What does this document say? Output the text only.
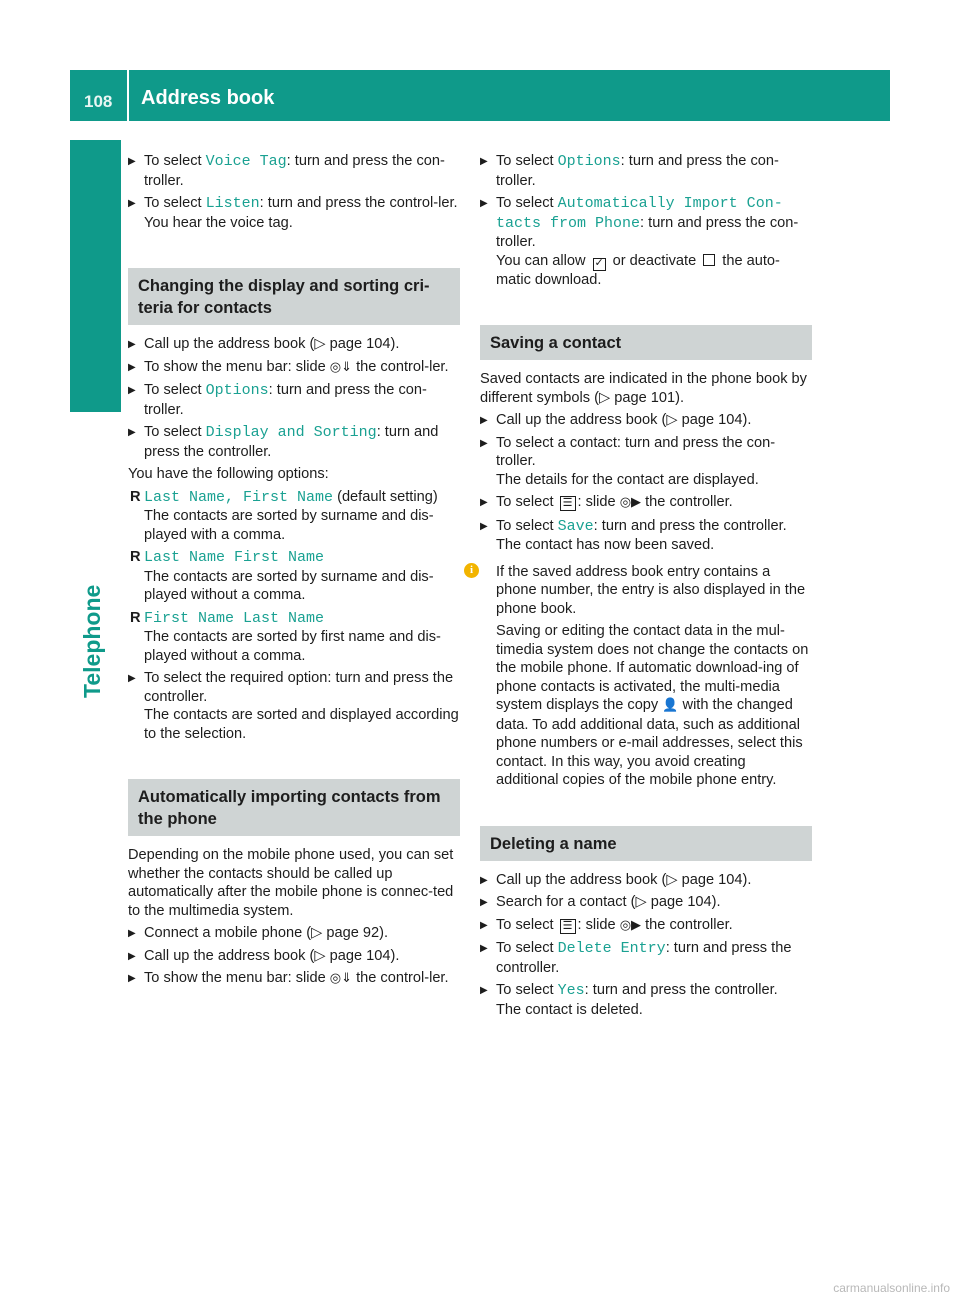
108 Address book
Telephone
▶
To select Voice Tag: turn and press the con-troller.
▶
To select Listen: turn and press the control-ler.
You hear the voice tag.
Changing the display and sorting cri-teria for contacts
▶
Call up the address book (▷ page 104).
▶
To show the menu bar: slide ◎⇓ the control-ler.
▶
To select Options: turn and press the con-troller.
▶
To select Display and Sorting: turn and press the controller.

You have the following options:

R Last Name, First Name (default setting)
The contacts are sorted by surname and dis-played with a comma.
R Last Name First Name
The contacts are sorted by surname and dis-played without a comma.
R First Name Last Name
The contacts are sorted by first name and dis-played without a comma.
▶
To select the required option: turn and press the controller.
The contacts are sorted and displayed according to the selection.
Automatically importing contacts from the phone

Depending on the mobile phone used, you can set whether the contacts should be called up automatically after the mobile phone is connec-ted to the multimedia system.

▶
Connect a mobile phone (▷ page 92).
▶
Call up the address book (▷ page 104).
▶
To show the menu bar: slide ◎⇓ the control-ler.
▶
To select Options: turn and press the con-troller.
▶
To select Automatically Import Con-tacts from Phone: turn and press the con-troller.
You can allow ✓ or deactivate  the auto-matic download.
Saving a contact

Saved contacts are indicated in the phone book by different symbols (▷ page 101).

▶
Call up the address book (▷ page 104).
▶
To select a contact: turn and press the con-troller.
The details for the contact are displayed.
▶
To select ☰ : slide ◎▶ the controller.
▶
To select Save: turn and press the controller.
The contact has now been saved.
i	If the saved address book entry contains a phone number, the entry is also displayed in the phone book.

Saving or editing the contact data in the mul-timedia system does not change the contacts on the mobile phone. If automatic download-ing of phone contacts is activated, the multi-media system displays the copy 👤 with the changed data. To add additional data, such as additional phone numbers or e-mail addresses, select this contact. In this way, you avoid creating additional copies of the mobile phone entry.

Deleting a name
▶
Call up the address book (▷ page 104).
▶
Search for a contact (▷ page 104).
▶
To select ☰ : slide ◎▶ the controller.
▶
To select Delete Entry: turn and press the controller.
▶
To select Yes: turn and press the controller.
The contact is deleted.
carmanualsonline.info
